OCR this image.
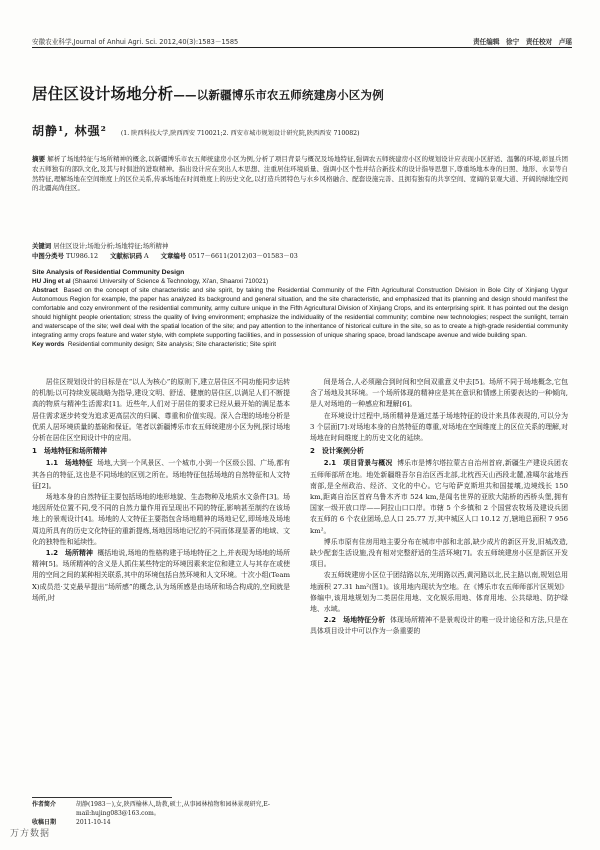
安徽农业科学,Journal of Anhui Agri. Sci. 2012,40(3):1583－1585	责任编辑　徐宁　责任校对　卢瑶
居住区设计场地分析——以新疆博乐市农五师统建房小区为例
胡静¹, 林强² (1. 陕西科技大学,陕西西安 710021;2. 西安市城市规划设计研究院,陕西西安 710082)
摘要 解析了场地特征与场所精神的概念,以新疆博乐市农五师统建房小区为例,分析了项目背景与概况及场地特征,强调农五师统建房小区的规划设计应表现小区舒适、温馨的环境,彰显兵团农五师独有的部队文化,及其与时俱进的进取精神。指出设计应在突出人本思想、注重居住环境质量、强调小区个性并结合新技术的设计指导思想下,尊重场地本身的日照、地形、水景等自然特征,理解场地在空间维度上的区位关系,传承场地在时间维度上的历史文化,以打造兵团特色与水乡风格融合、配套设施完善、且拥有独有的共享空间、宽阔的景观大道、开阔的绿地空间的北疆高尚住区。
关键词 居住区设计;场地分析;场地特征;场所精神
中图分类号 TU986.12 文献标识码 A 文章编号 0517－6611(2012)03－01583－03
Site Analysis of Residential Community Design
HU Jing et al (Shaanxi University of Science & Technology, Xi'an, Shaanxi 710021)
Abstract Based on the concept of site characteristic and site spirit, by taking the Residential Community of the Fifth Agricultural Construction Division in Bole City of Xinjiang Uygur Autonomous Region for example, the paper has analyzed its background and general situation, and the site characteristic, and emphasized that its planning and design should manifest the comfortable and cozy environment of the residential community, army culture unique in the Fifth Agricultural Division of Xinjiang Crops, and its enterprising spirit. It has pointed out the design should highlight people orientation; stress the quality of living environment; emphasize the individuality of the residential community; combine new technologies; respect the sunlight, terrain and waterscape of the site; well deal with the spatial location of the site; and pay attention to the inheritance of historical culture in the site, so as to create a high-grade residential community integrating army crops feature and water style, with complete supporting facilities, and in possession of unique sharing space, broad landscape avenue and wide building span.
Key words Residential community design; Site analysis; Site characteristic; Site spirit

居住区规划设计的目标是在“以人为核心”的原则下,建立居住区不同功能同步运转的机制;以可持续发展战略为指导,建设文明、舒适、健康的居住区,以满足人们不断提高的物质与精神生活需求[1]。近些年,人们对于居住的要求已经从最开始的满足基本居住需求逐步转变为追求更高层次的归属、尊重和价值实现。深入合理的场地分析是优质人居环境质量的基础和保证。笔者以新疆博乐市农五师统建房小区为例,探讨场地分析在居住区空间设计中的应用。

1　场地特征和场所精神

1.1　场地特征 场地,大到一个风景区、一个城市,小到一个区级公园、广场,都有其各自的特征,这也是不同场地的区别之所在。场地特征包括场地的自然特征和人文特征[2]。

场地本身的自然特征主要包括场地的地形地貌、生态物种及地质水文条件[3]。场地因所处位置不同,受不同的自然力量作用而呈现出不同的特征,影响甚至制约在该场地上的景观设计[4]。场地的人文特征主要指包含场地精神的场地记忆,即场地及场地周边所具有的历史文化特征的重新提炼,场地因场地记忆的不同而体现显著的地域、文化的独特性和延续性。

1.2　场所精神 概括地说,场地的性格构建于场地特征之上,并表现为场地的场所精神[5]。场所精神的含义是人抓住某些特定的环境因素来定位和建立人与其存在或使用的空间之间的某种相关联系,其中的环境包括自然环境和人文环境。十次小组(Team X)成员范·艾克最早提出“场所感”的概念,认为场所感是由场所和场合构成的,空间就是场所,时

间是场合,人必须融合到时间和空间双重意义中去[5]。场所不同于场地概念,它包含了场地及其环境。一个场所体现的精神应是其在意识和情感上所要表达的一种倾向,是人对场地的一种感应和理解[6]。

在环境设计过程中,场所精神是通过基于场地特征的设计来具体表现的,可以分为 3 个层面[7]:对场地本身的自然特征的尊重,对场地在空间维度上的区位关系的理解,对场地在时间维度上的历史文化的延续。

2　设计案例分析

2.1　项目背景与概况 博乐市是博尔塔拉蒙古自治州首府,新疆生产建设兵团农五师师部所在地。地处新疆维吾尔自治区西北部,北枕西天山西段北麓,准噶尔盆地西南部,是全州政治、经济、文化的中心。它与哈萨克斯坦共和国接壤,边境线长 150 km,距离自治区首府乌鲁木齐市 524 km,是闻名世界的亚欧大陆桥的西桥头堡,拥有国家一级开放口岸——阿拉山口口岸。市辖 5 个乡镇和 2 个国营农牧场及建设兵团农五师的 6 个农业团场,总人口 25.77 万,其中城区人口 10.12 万,辖地总面积 7 956 km²。

博乐市原有住房用地主要分布在城市中部和北部,缺少成片的新区开发,旧城改造,缺少配套生活设施,没有相对完整舒适的生活环境[7]。农五师统建房小区是新区开发项目。

农五师统建房小区位于团结路以东,光明路以西,黄河路以北,民主路以南,规划总用地面积 27.31 hm²(图1)。该用地内现状为空地。在《博乐市农五师师部片区规划》修编中,该用地规划为二类居住用地、文化娱乐用地、体育用地、公共绿地、防护绿地、水域。

2.2　场地特征分析 体现场所精神不是景观设计的唯一设计途径和方法,只是在具体项目设计中可以作为一条重要的

作者简介	胡静(1983－),女,陕西榆林人,助教,硕士,从事园林植物和园林景观研究,E-mail:hujing083@163.com。
收稿日期	2011-10-14
万方数据
